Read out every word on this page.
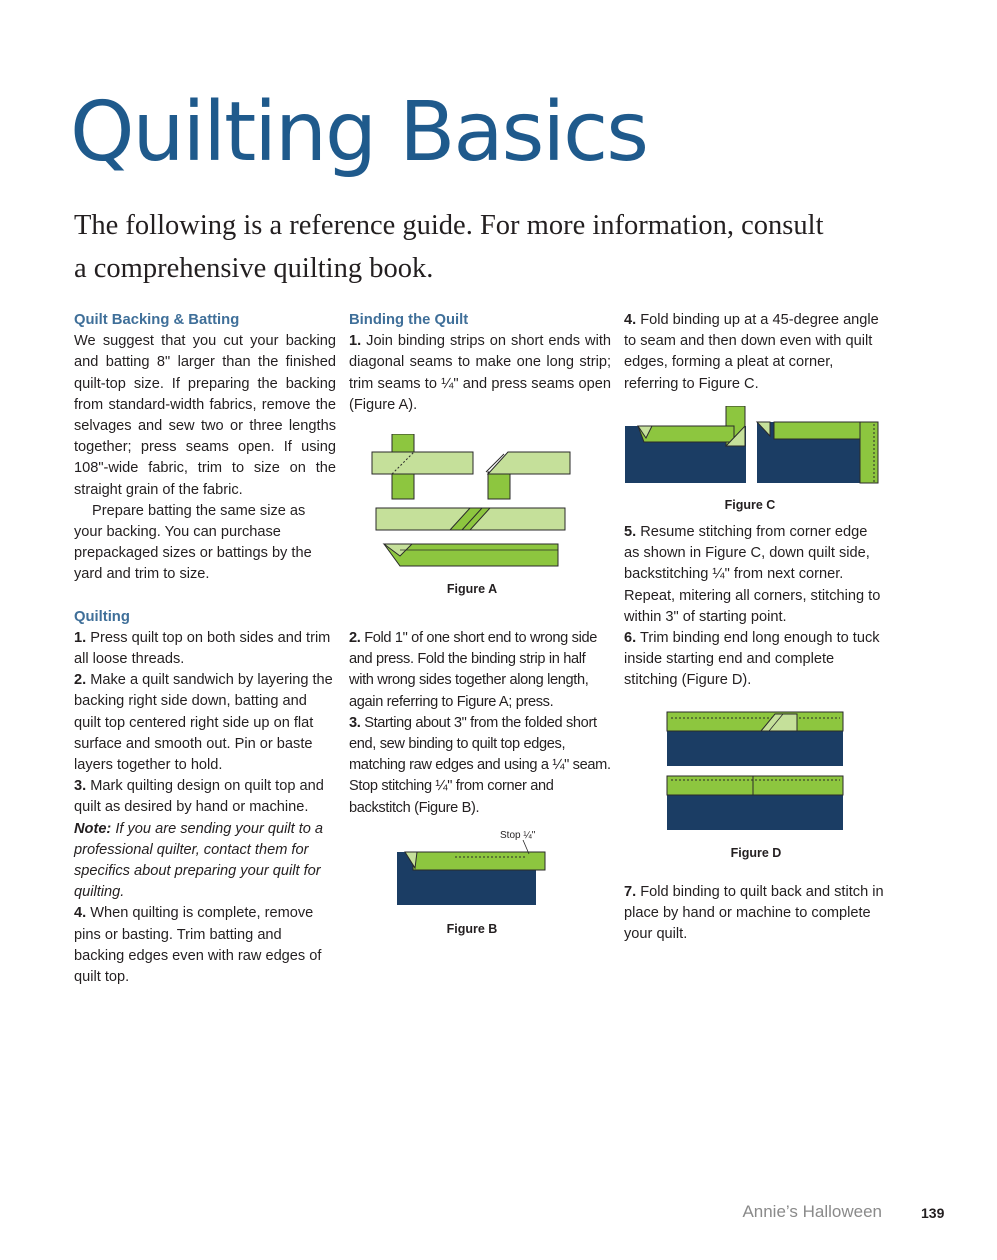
Quilting Basics

The following is a reference guide. For more information, consult a comprehensive quilting book.

Quilt Backing & Batting

We suggest that you cut your backing and batting 8" larger than the finished quilt-top size. If preparing the backing from standard-width fabrics, remove the selvages and sew two or three lengths together; press seams open. If using 108"-wide fabric, trim to size on the straight grain of the fabric.

Prepare batting the same size as your backing. You can purchase prepackaged sizes or battings by the yard and trim to size.

Quilting

1. Press quilt top on both sides and trim all loose threads.

2. Make a quilt sandwich by layering the backing right side down, batting and quilt top centered right side up on flat surface and smooth out. Pin or baste layers together to hold.

3. Mark quilting design on quilt top and quilt as desired by hand or machine. Note: If you are sending your quilt to a professional quilter, contact them for specifics about preparing your quilt for quilting.

4. When quilting is complete, remove pins or basting. Trim batting and backing edges even with raw edges of quilt top.

Binding the Quilt

1. Join binding strips on short ends with diagonal seams to make one long strip; trim seams to ¼" and press seams open (Figure A).

2. Fold 1" of one short end to wrong side and press. Fold the binding strip in half with wrong sides together along length, again referring to Figure A; press.

3. Starting about 3" from the folded short end, sew binding to quilt top edges, matching raw edges and using a ¼" seam. Stop stitching ¼" from corner and backstitch (Figure B).

4. Fold binding up at a 45-degree angle to seam and then down even with quilt edges, forming a pleat at corner, referring to Figure C.

5. Resume stitching from corner edge as shown in Figure C, down quilt side, backstitching ¼" from next corner. Repeat, mitering all corners, stitching to within 3" of starting point.

6. Trim binding end long enough to tuck inside starting end and complete stitching (Figure D).

7. Fold binding to quilt back and stitch in place by hand or machine to complete your quilt.

Figure A
Stop ¼"
Figure B
Figure C
Figure D
Annie’s Halloween	139
